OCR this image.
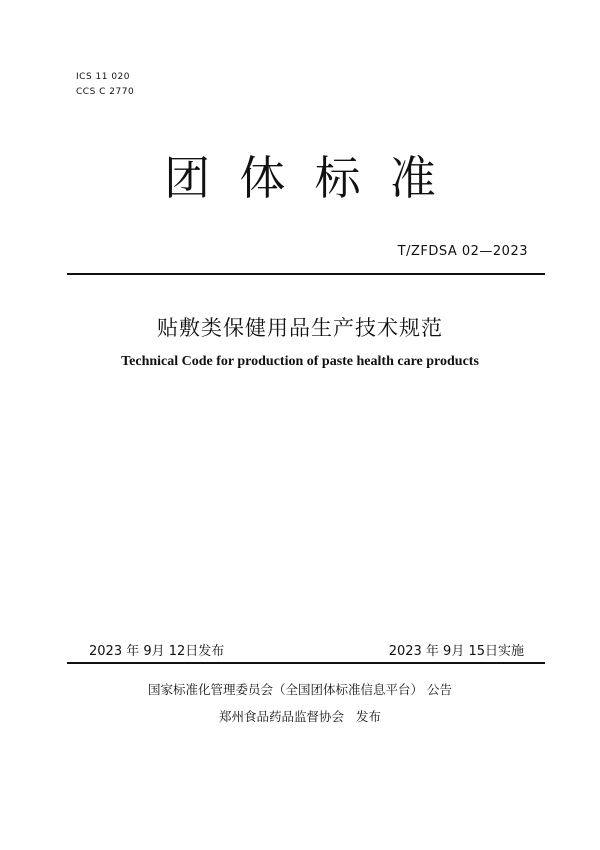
ICS 11 020
CCS C 2770
团  体  标  准
T/ZFDSA 02—2023
贴敷类保健用品生产技术规范
Technical Code for production of paste health care products
2023 年 9月 12日发布	2023 年 9月 15日实施
国家标准化管理委员会（全国团体标准信息平台） 公告
郑州食品药品监督协会   发布
